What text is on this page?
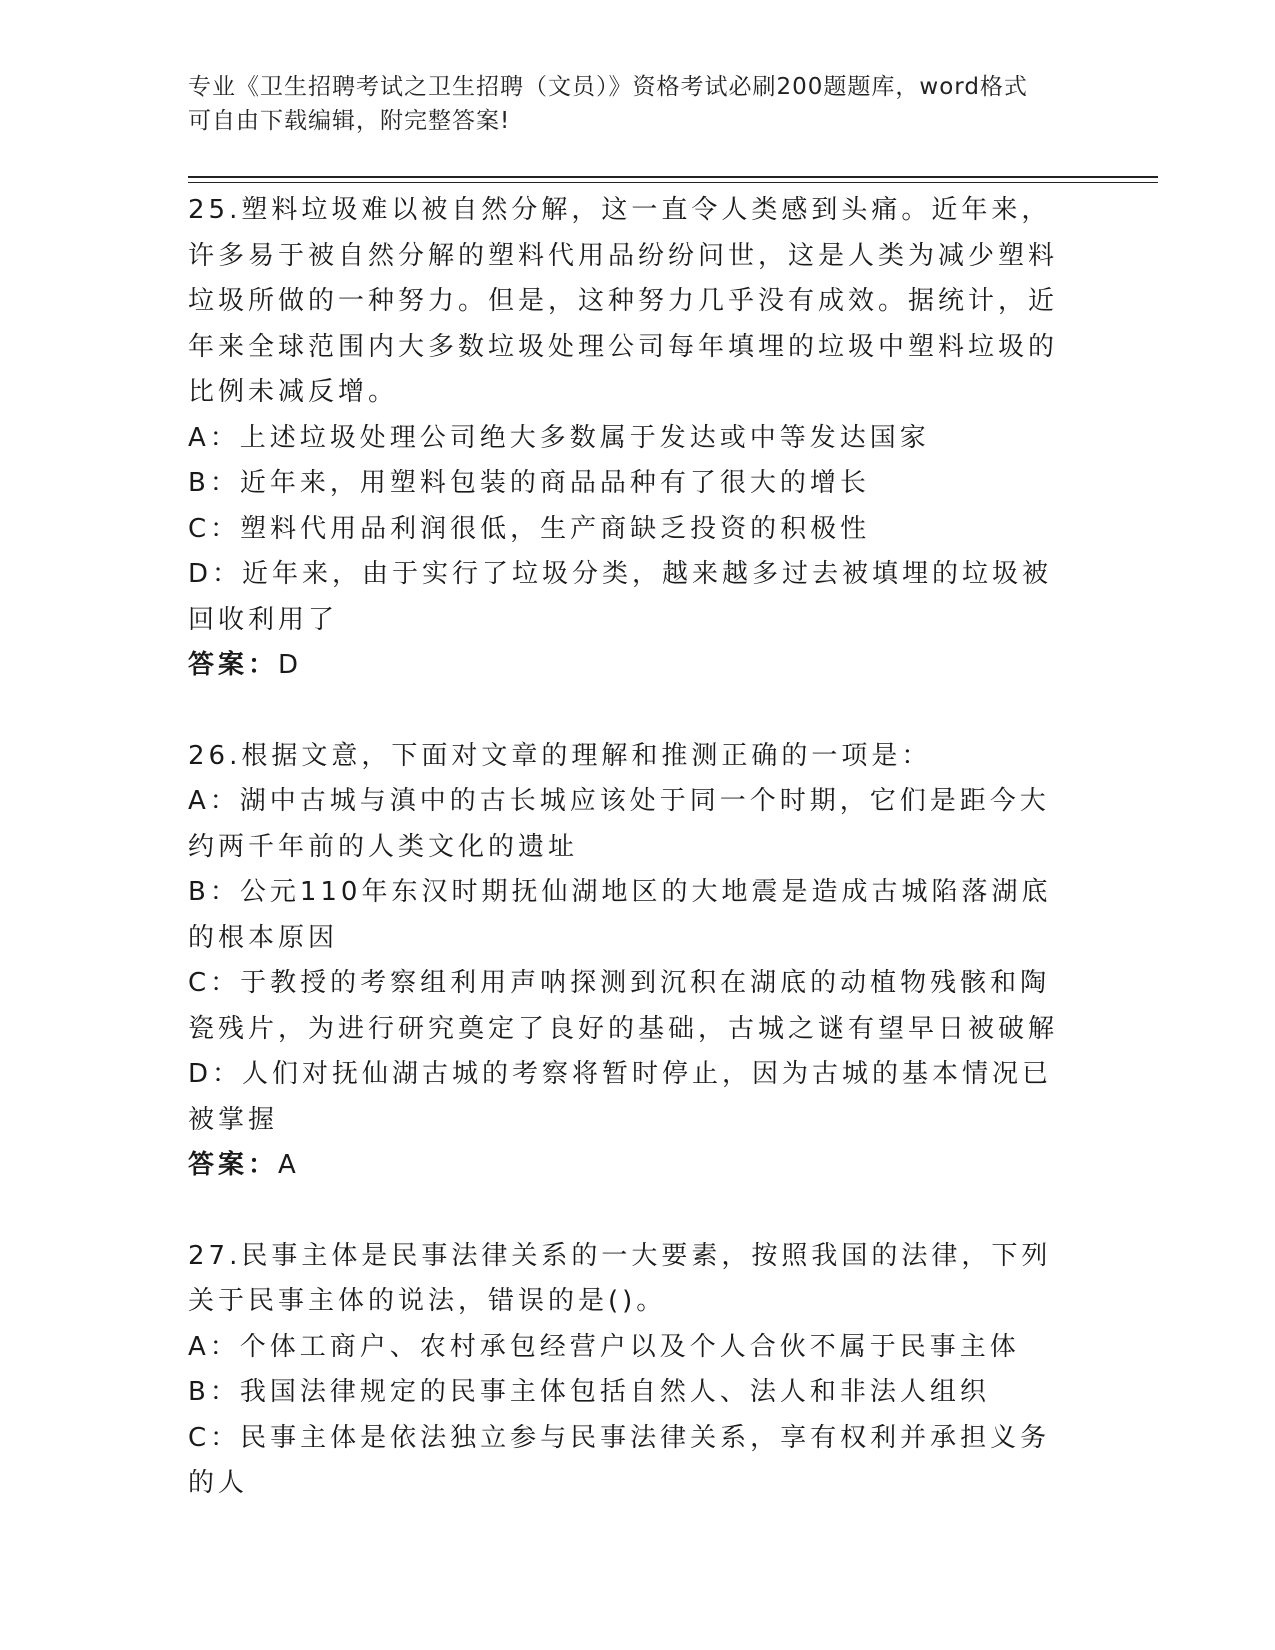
专业《卫生招聘考试之卫生招聘（文员）》资格考试必刷200题题库，word格式
可自由下载编辑，附完整答案!

25.塑料垃圾难以被自然分解，这一直令人类感到头痛。近年来，许多易于被自然分解的塑料代用品纷纷问世，这是人类为减少塑料垃圾所做的一种努力。但是，这种努力几乎没有成效。据统计，近年来全球范围内大多数垃圾处理公司每年填埋的垃圾中塑料垃圾的比例未减反增。

A：上述垃圾处理公司绝大多数属于发达或中等发达国家

B：近年来，用塑料包装的商品品种有了很大的增长

C：塑料代用品利润很低，生产商缺乏投资的积极性

D：近年来，由于实行了垃圾分类，越来越多过去被填埋的垃圾被回收利用了

答案：D

26.根据文意，下面对文章的理解和推测正确的一项是：

A：湖中古城与滇中的古长城应该处于同一个时期，它们是距今大约两千年前的人类文化的遗址

B：公元110年东汉时期抚仙湖地区的大地震是造成古城陷落湖底的根本原因

C：于教授的考察组利用声呐探测到沉积在湖底的动植物残骸和陶瓷残片，为进行研究奠定了良好的基础，古城之谜有望早日被破解

D：人们对抚仙湖古城的考察将暂时停止，因为古城的基本情况已被掌握

答案：A

27.民事主体是民事法律关系的一大要素，按照我国的法律，下列关于民事主体的说法，错误的是()。

A：个体工商户、农村承包经营户以及个人合伙不属于民事主体

B：我国法律规定的民事主体包括自然人、法人和非法人组织

C：民事主体是依法独立参与民事法律关系，享有权利并承担义务的人
